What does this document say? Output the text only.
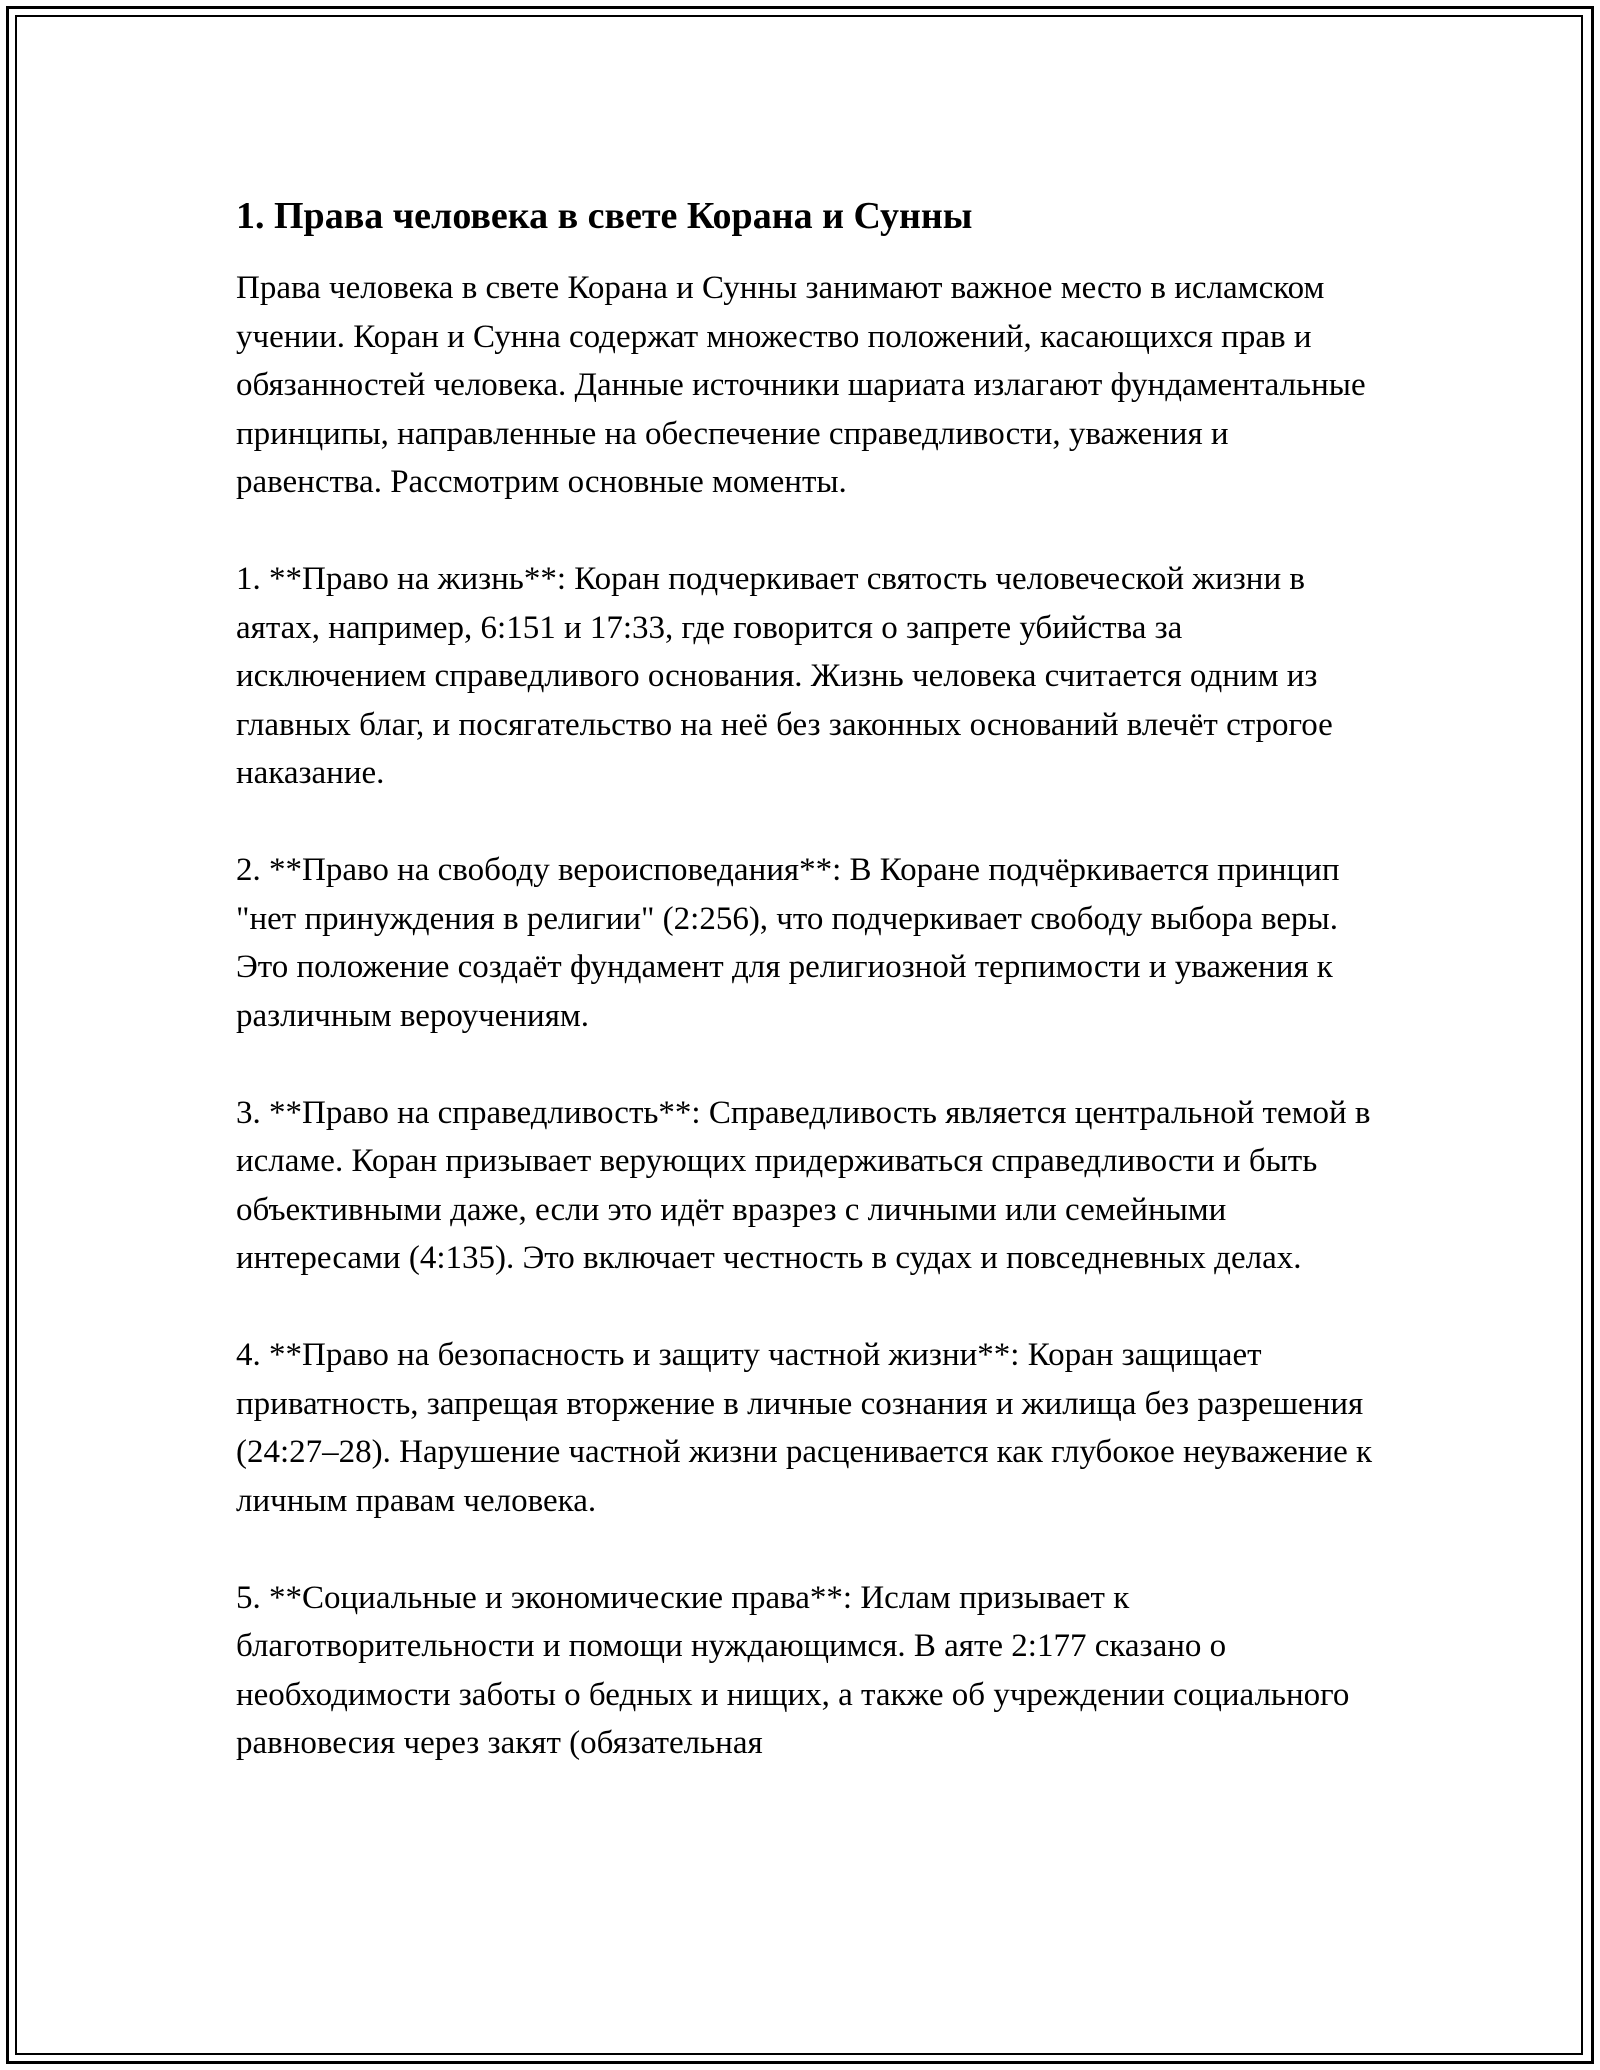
1. Права человека в свете Корана и Сунны

Права человека в свете Корана и Сунны занимают важное место в исламском учении. Коран и Сунна содержат множество положений, касающихся прав и обязанностей человека. Данные источники шариата излагают фундаментальные принципы, направленные на обеспечение справедливости, уважения и равенства. Рассмотрим основные моменты.

1. **Право на жизнь**: Коран подчеркивает святость человеческой жизни в аятах, например, 6:151 и 17:33, где говорится о запрете убийства за исключением справедливого основания. Жизнь человека считается одним из главных благ, и посягательство на неё без законных оснований влечёт строгое наказание.

2. **Право на свободу вероисповедания**: В Коране подчёркивается принцип "нет принуждения в религии" (2:256), что подчеркивает свободу выбора веры. Это положение создаёт фундамент для религиозной терпимости и уважения к различным вероучениям.

3. **Право на справедливость**: Справедливость является центральной темой в исламе. Коран призывает верующих придерживаться справедливости и быть объективными даже, если это идёт вразрез с личными или семейными интересами (4:135). Это включает честность в судах и повседневных делах.

4. **Право на безопасность и защиту частной жизни**: Коран защищает приватность, запрещая вторжение в личные сознания и жилища без разрешения (24:27–28). Нарушение частной жизни расценивается как глубокое неуважение к личным правам человека.

5. **Социальные и экономические права**: Ислам призывает к благотворительности и помощи нуждающимся. В аяте 2:177 сказано о необходимости заботы о бедных и нищих, а также об учреждении социального равновесия через закят (обязательная
